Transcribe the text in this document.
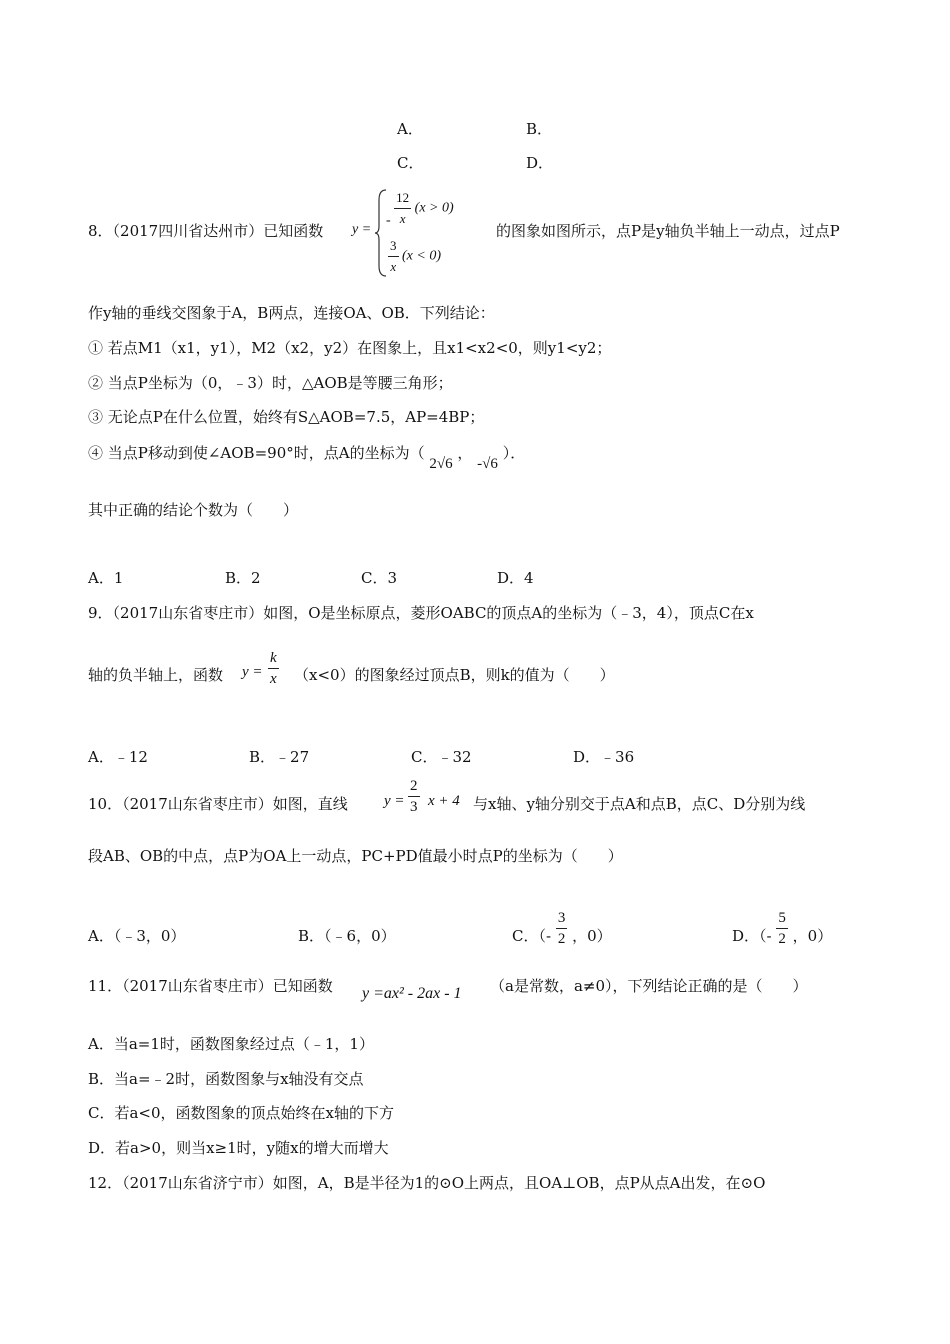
A．	B．
C．	D．
8．（2017四川省达州市）已知函数 y =
- $\frac{12}{x} (x > 0)$
$\frac{3}{x} (x < 0)$
的图象如图所示，点P是y轴负半轴上一动点，过点P
作y轴的垂线交图象于A，B两点，连接OA、OB．下列结论：
① 若点M1（x1，y1），M2（x2，y2）在图象上，且x1<x2<0，则y1<y2；
② 当点P坐标为（0，﹣3）时，△AOB是等腰三角形；
③ 无论点P在什么位置，始终有S△AOB=7.5，AP=4BP；
④ 当点P移动到使∠AOB=90°时，点A的坐标为（ 2√6 ， -√6 ）．
其中正确的结论个数为（　　）
A．1	B．2	C．3	D．4
9．（2017山东省枣庄市）如图，O是坐标原点，菱形OABC的顶点A的坐标为（﹣3，4），顶点C在x
轴的负半轴上，函数 $y = \frac{k}{x} (x<0)$的图象经过顶点B，则k的值为（　　）
A．﹣12	B．﹣27	C．﹣32	D．﹣36
10．（2017山东省枣庄市）如图，直线 $y = \frac{2}{3}$ x + 4 与x轴、y轴分别交于点A和点B，点C、D分别为线
段AB、OB的中点，点P为OA上一动点，PC+PD值最小时点P的坐标为（　　）
A．（﹣3，0）	B．（﹣6，0）	C．（- $\frac{3}{2}$ ，0）	D．（- $\frac{5}{2}$ ，0）
11．（2017山东省枣庄市）已知函数 y =ax² - 2ax - 1 （a是常数，a≠0），下列结论正确的是（　　）
A．当a=1时，函数图象经过点（﹣1，1）
B．当a=﹣2时，函数图象与x轴没有交点
C．若a<0，函数图象的顶点始终在x轴的下方
D．若a>0，则当x≥1时，y随x的增大而增大
12．（2017山东省济宁市）如图，A，B是半径为1的⊙O上两点，且OA⊥OB，点P从点A出发，在⊙O
